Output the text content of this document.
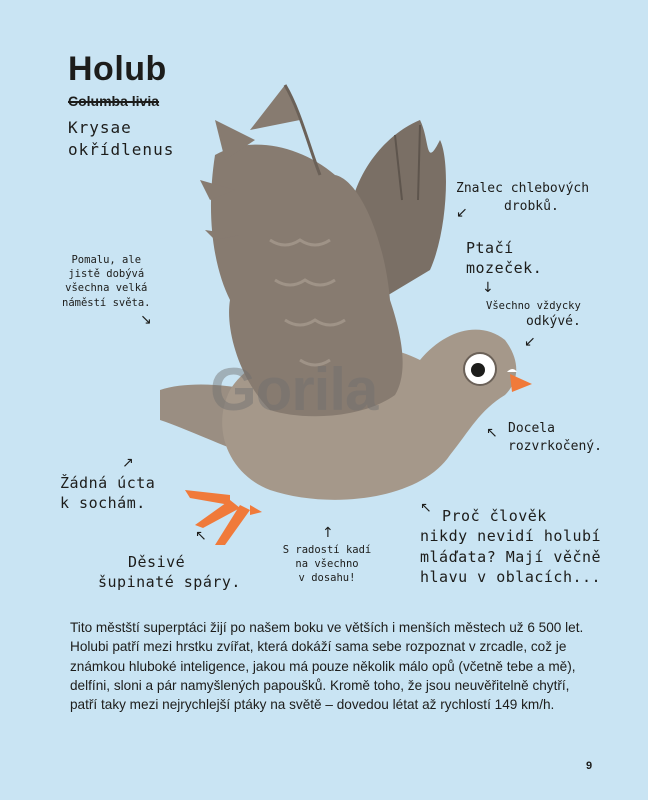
Holub
Columba livia
Krysae
okřídlenus
Gorila
Znalec chlebových
drobků.
↙
Ptačí
mozeček.
↓
Všechno vždycky
odkývé.
↙
Pomalu, ale
jistě dobývá
všechna velká
náměstí světa.
↘
↖ Docela
rozvrkočený.
↗
Žádná úcta
k sochám.
↖
Děsivé
šupinaté spáry.
↑
S radostí kadí
na všechno
v dosahu!
↖ Proč člověk
nikdy nevidí holubí
mláďata? Mají věčně
hlavu v oblacích...
Tito městští superptáci žijí po našem boku ve větších i menších městech už 6 500 let. Holubi patří mezi hrstku zvířat, která dokáží sama sebe rozpoznat v zrcadle, což je známkou hluboké inteligence, jakou má pouze několik málo opů (včetně tebe a mě), delfíni, sloni a pár namyšlených papoušků. Kromě toho, že jsou neuvěřitelně chytří, patří taky mezi nejrychlejší ptáky na světě – dovedou létat až rychlostí 149 km/h.
9
